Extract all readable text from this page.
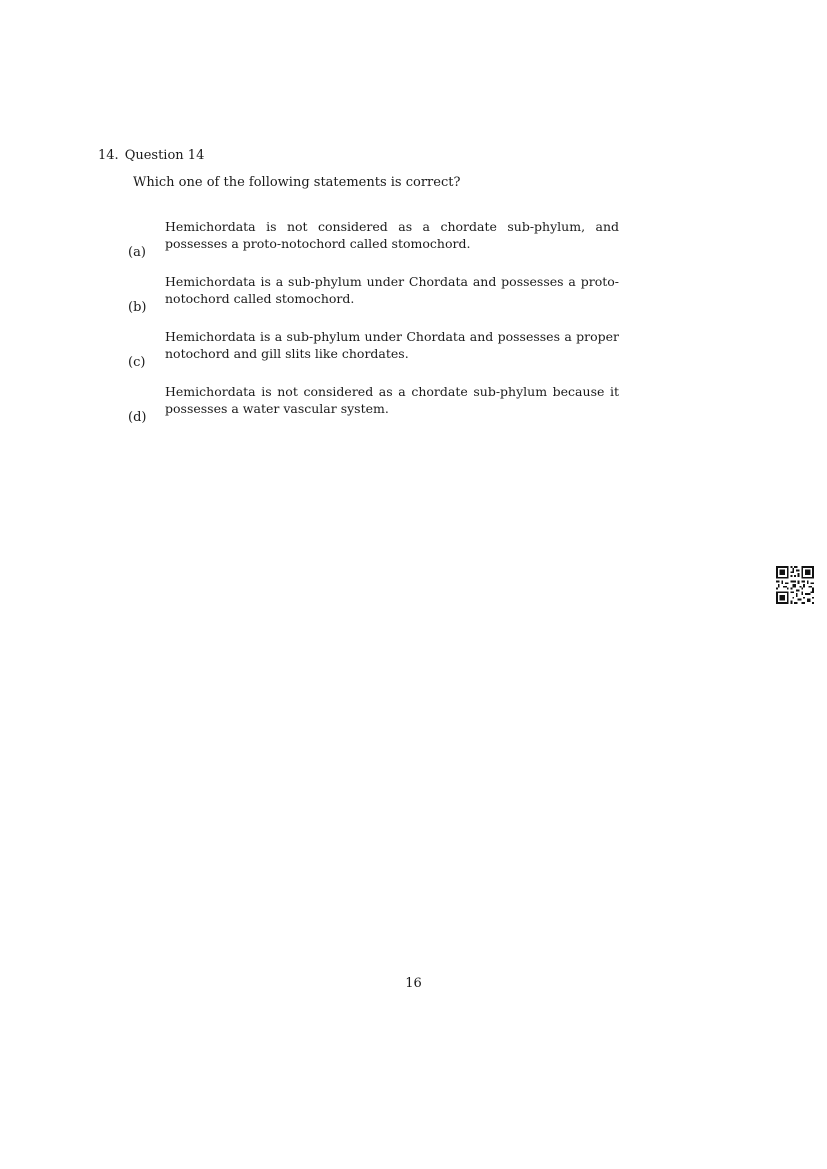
14. Question 14
Which one of the following statements is correct?
(a)
Hemichordata is not considered as a chordate sub-phylum, and possesses a proto-notochord called stomochord.
(b)
Hemichordata is a sub-phylum under Chordata and possesses a proto-notochord called stomochord.
(c)
Hemichordata is a sub-phylum under Chordata and possesses a proper notochord and gill slits like chordates.
(d)
Hemichordata is not considered as a chordate sub-phylum because it possesses a water vascular system.
16
